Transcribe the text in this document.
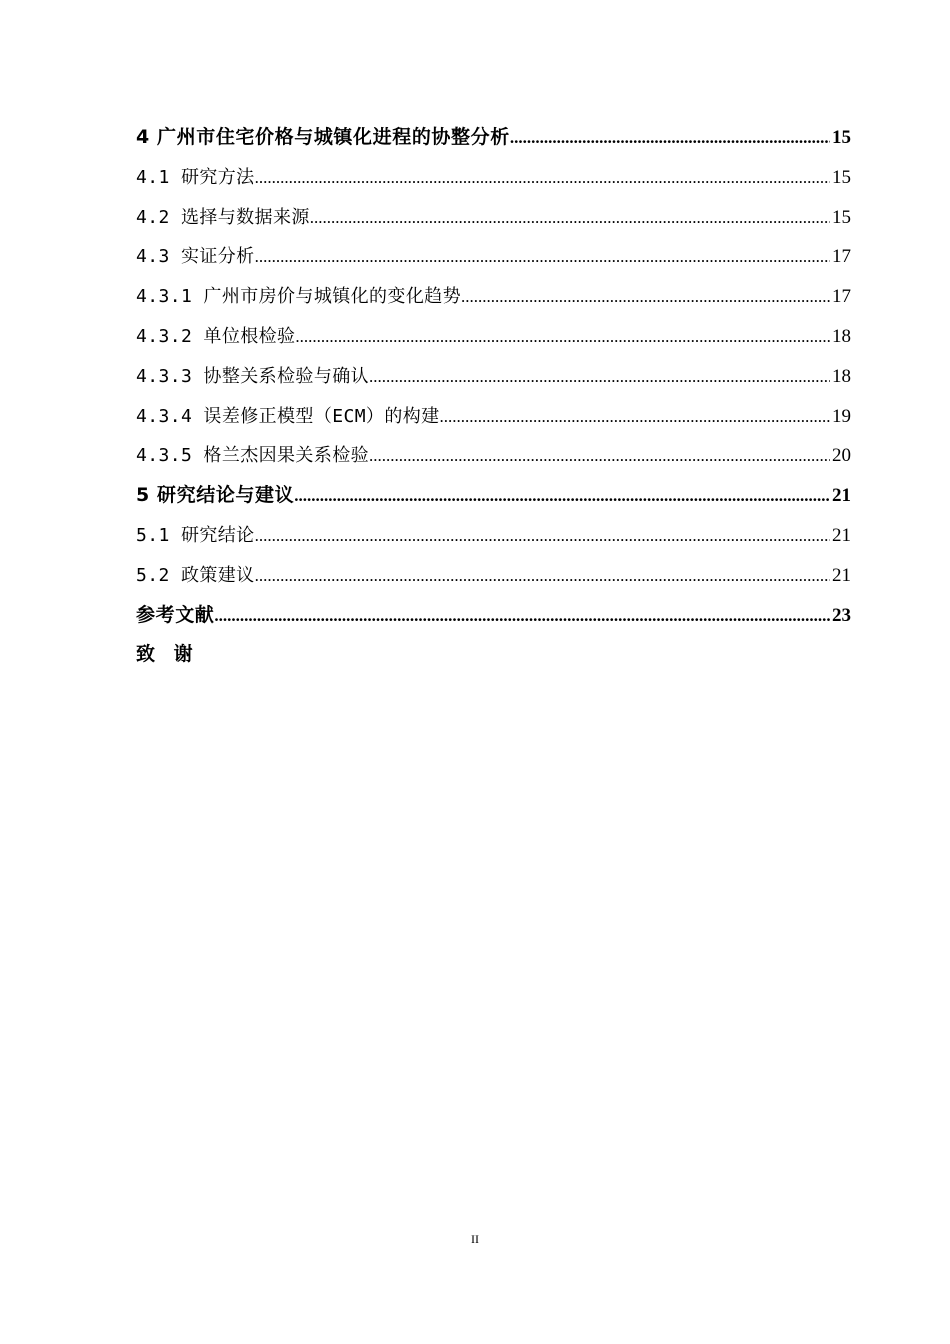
4 广州市住宅价格与城镇化进程的协整分析 .....	15
4.1 研究方法 .....	15
4.2 选择与数据来源 .....	15
4.3 实证分析 .....	17
4.3.1 广州市房价与城镇化的变化趋势 .....	17
4.3.2 单位根检验 .....	18
4.3.3 协整关系检验与确认 .....	18
4.3.4 误差修正模型（ECM）的构建 .....	19
4.3.5 格兰杰因果关系检验 .....	20
5 研究结论与建议 .....	21
5.1 研究结论 .....	21
5.2 政策建议 .....	21
参考文献 .....	23
致 谢
II
